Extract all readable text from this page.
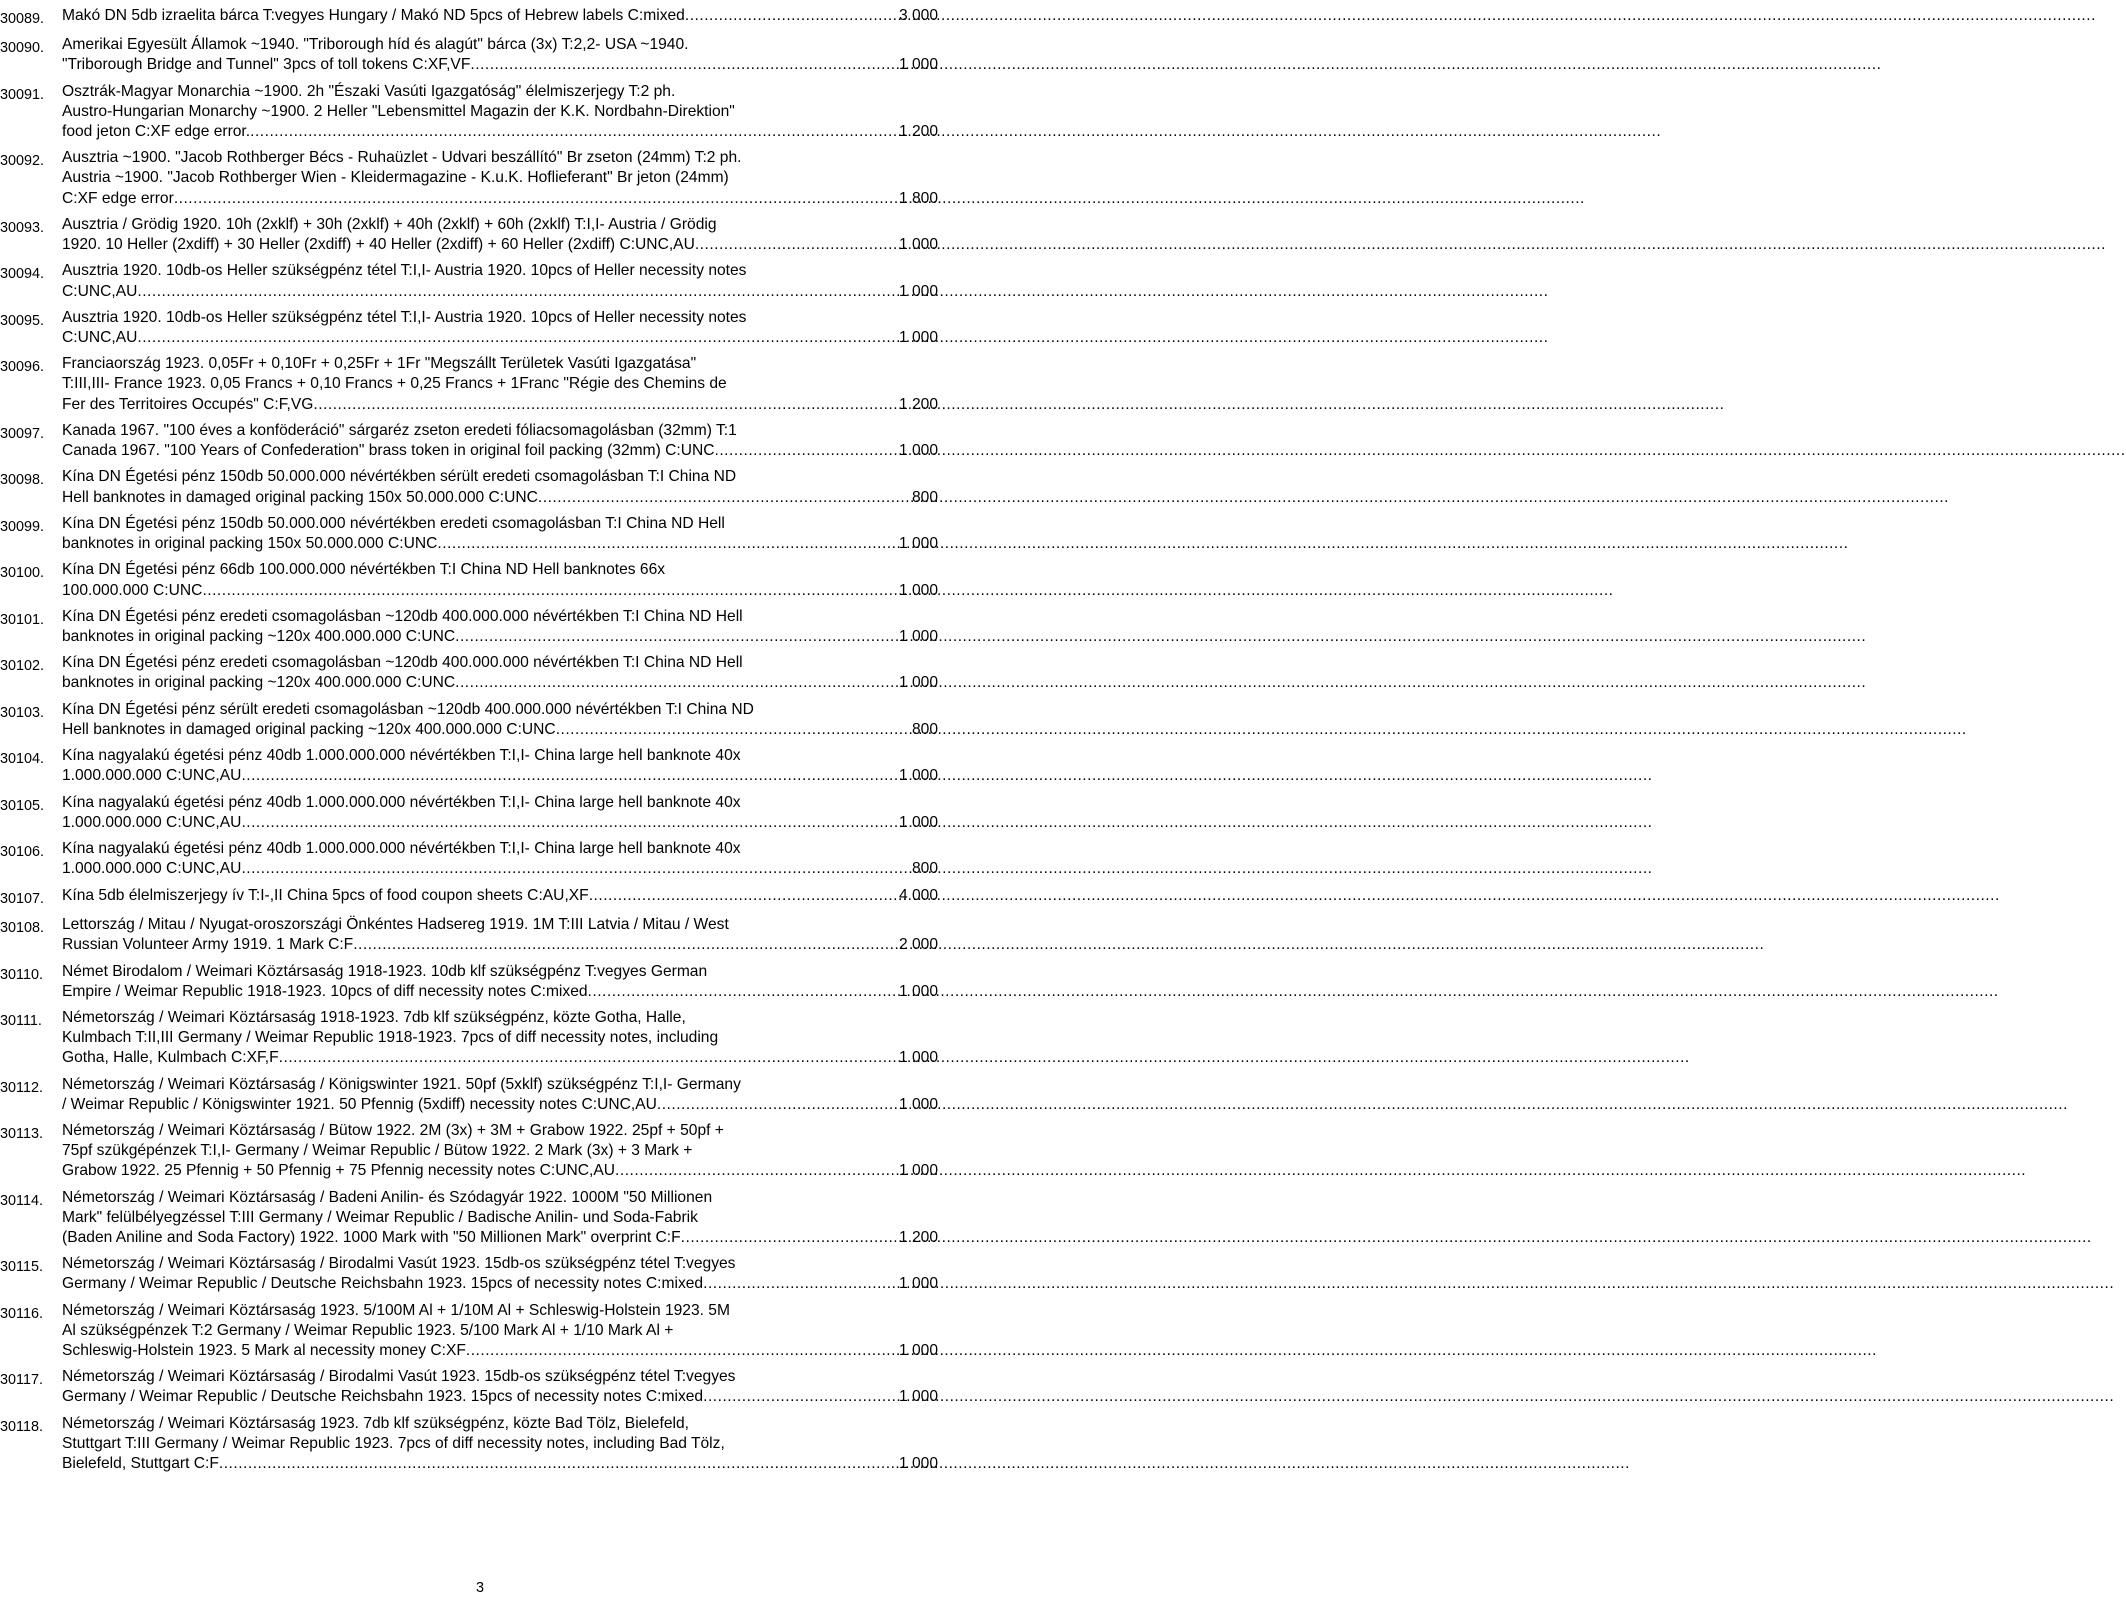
30089.	Makó DN 5db izraelita bárca T:vegyes Hungary / Makó ND 5pcs of Hebrew labels C:mixed .....	3 000
30090.	Amerikai Egyesült Államok ~1940. "Triborough híd és alagút" bárca (3x) T:2,2- USA ~1940.
"Triborough Bridge and Tunnel" 3pcs of toll tokens C:XF,VF .....	1 000
30091.	Osztrák-Magyar Monarchia ~1900. 2h "Északi Vasúti Igazgatóság" élelmiszerjegy T:2 ph.
Austro-Hungarian Monarchy ~1900. 2 Heller "Lebensmittel Magazin der K.K. Nordbahn-Direktion"
food jeton C:XF edge error. .....	1 200
30092.	Ausztria ~1900. "Jacob Rothberger Bécs - Ruhaüzlet - Udvari beszállító" Br zseton (24mm) T:2 ph.
Austria ~1900. "Jacob Rothberger Wien - Kleidermagazine - K.u.K. Hoflieferant" Br jeton (24mm)
C:XF edge error .....	1 800
30093.	Ausztria / Grödig 1920. 10h (2xklf) + 30h (2xklf) + 40h (2xklf) + 60h (2xklf) T:I,I- Austria / Grödig
1920. 10 Heller (2xdiff) + 30 Heller (2xdiff) + 40 Heller (2xdiff) + 60 Heller (2xdiff) C:UNC,AU .....	1 000
30094.	Ausztria 1920. 10db-os Heller szükségpénz tétel T:I,I- Austria 1920. 10pcs of Heller necessity notes
C:UNC,AU .....	1 000
30095.	Ausztria 1920. 10db-os Heller szükségpénz tétel T:I,I- Austria 1920. 10pcs of Heller necessity notes
C:UNC,AU .....	1 000
30096.	Franciaország 1923. 0,05Fr + 0,10Fr + 0,25Fr + 1Fr "Megszállt Területek Vasúti Igazgatása"
T:III,III- France 1923. 0,05 Francs + 0,10 Francs + 0,25 Francs + 1Franc "Régie des Chemins de
Fer des Territoires Occupés" C:F,VG .....	1 200
30097.	Kanada 1967. "100 éves a konföderáció" sárgaréz zseton eredeti fóliacsomagolásban (32mm) T:1
Canada 1967. "100 Years of Confederation" brass token in original foil packing (32mm) C:UNC .....	1 000
30098.	Kína DN Égetési pénz 150db 50.000.000 névértékben sérült eredeti csomagolásban T:I China ND
Hell banknotes in damaged original packing 150x 50.000.000 C:UNC .....	800
30099.	Kína DN Égetési pénz 150db 50.000.000 névértékben eredeti csomagolásban T:I China ND Hell
banknotes in original packing 150x 50.000.000 C:UNC .....	1 000
30100.	Kína DN Égetési pénz 66db 100.000.000 névértékben T:I China ND Hell banknotes 66x
100.000.000 C:UNC .....	1 000
30101.	Kína DN Égetési pénz eredeti csomagolásban ~120db 400.000.000 névértékben T:I China ND Hell
banknotes in original packing ~120x 400.000.000 C:UNC .....	1 000
30102.	Kína DN Égetési pénz eredeti csomagolásban ~120db 400.000.000 névértékben T:I China ND Hell
banknotes in original packing ~120x 400.000.000 C:UNC .....	1 000
30103.	Kína DN Égetési pénz sérült eredeti csomagolásban ~120db 400.000.000 névértékben T:I China ND
Hell banknotes in damaged original packing ~120x 400.000.000 C:UNC .....	800
30104.	Kína nagyalakú égetési pénz 40db 1.000.000.000 névértékben T:I,I- China large hell banknote 40x
1.000.000.000 C:UNC,AU .....	1 000
30105.	Kína nagyalakú égetési pénz 40db 1.000.000.000 névértékben T:I,I- China large hell banknote 40x
1.000.000.000 C:UNC,AU .....	1 000
30106.	Kína nagyalakú égetési pénz 40db 1.000.000.000 névértékben T:I,I- China large hell banknote 40x
1.000.000.000 C:UNC,AU .....	800
30107.	Kína 5db élelmiszerjegy ív T:I-,II China 5pcs of food coupon sheets C:AU,XF .....	4 000
30108.	Lettország / Mitau / Nyugat-oroszországi Önkéntes Hadsereg 1919. 1M T:III Latvia / Mitau / West
Russian Volunteer Army 1919. 1 Mark C:F .....	2 000
30110.	Német Birodalom / Weimari Köztársaság 1918-1923. 10db klf szükségpénz T:vegyes German
Empire / Weimar Republic 1918-1923. 10pcs of diff necessity notes C:mixed .....	1 000
30111.	Németország / Weimari Köztársaság 1918-1923. 7db klf szükségpénz, közte Gotha, Halle,
Kulmbach T:II,III Germany / Weimar Republic 1918-1923. 7pcs of diff necessity notes, including
Gotha, Halle, Kulmbach C:XF,F .....	1 000
30112.	Németország / Weimari Köztársaság / Königswinter 1921. 50pf (5xklf) szükségpénz T:I,I- Germany
/ Weimar Republic / Königswinter 1921. 50 Pfennig (5xdiff) necessity notes C:UNC,AU .....	1 000
30113.	Németország / Weimari Köztársaság / Bütow 1922. 2M (3x) + 3M + Grabow 1922. 25pf + 50pf +
75pf szükgépénzek T:I,I- Germany / Weimar Republic / Bütow 1922. 2 Mark (3x) + 3 Mark +
Grabow 1922. 25 Pfennig + 50 Pfennig + 75 Pfennig necessity notes C:UNC,AU .....	1 000
30114.	Németország / Weimari Köztársaság / Badeni Anilin- és Szódagyár 1922. 1000M "50 Millionen
Mark" felülbélyegzéssel T:III Germany / Weimar Republic / Badische Anilin- und Soda-Fabrik
(Baden Aniline and Soda Factory) 1922. 1000 Mark with "50 Millionen Mark" overprint C:F .....	1 200
30115.	Németország / Weimari Köztársaság / Birodalmi Vasút 1923. 15db-os szükségpénz tétel T:vegyes
Germany / Weimar Republic / Deutsche Reichsbahn 1923. 15pcs of necessity notes C:mixed .....	1 000
30116.	Németország / Weimari Köztársaság 1923. 5/100M Al + 1/10M Al + Schleswig-Holstein 1923. 5M
Al szükségpénzek T:2 Germany / Weimar Republic 1923. 5/100 Mark Al + 1/10 Mark Al +
Schleswig-Holstein 1923. 5 Mark al necessity money C:XF .....	1 000
30117.	Németország / Weimari Köztársaság / Birodalmi Vasút 1923. 15db-os szükségpénz tétel T:vegyes
Germany / Weimar Republic / Deutsche Reichsbahn 1923. 15pcs of necessity notes C:mixed .....	1 000
30118.	Németország / Weimari Köztársaság 1923. 7db klf szükségpénz, közte Bad Tölz, Bielefeld,
Stuttgart T:III Germany / Weimar Republic 1923. 7pcs of diff necessity notes, including Bad Tölz,
Bielefeld, Stuttgart C:F .....	1 000
3
